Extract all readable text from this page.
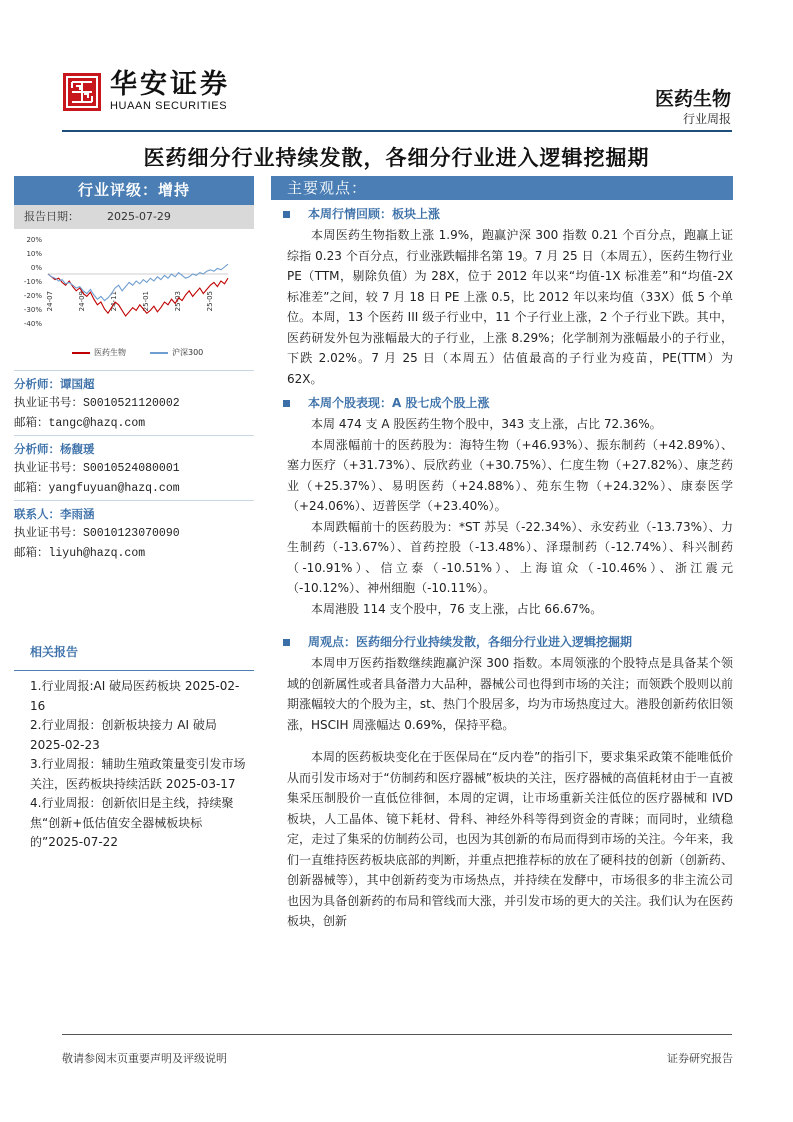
华安证券
HUAAN SECURITIES	医药生物
行业周报
医药细分行业持续发散，各细分行业进入逻辑挖掘期
行业评级：增持
报告日期：	2025-07-29
20%
10%
0%
-10%
-20%
-30%
-40%
24-07	24-09	24-11	25-01	25-03	25-05
医药生物	沪深300
分析师：谭国超
执业证书号：S0010521120002
邮箱：tangc@hazq.com
分析师：杨馥瑗
执业证书号：S0010524080001
邮箱：yangfuyuan@hazq.com
联系人：李雨涵
执业证书号：S0010123070090
邮箱：liyuh@hazq.com
相关报告
1.行业周报:AI 破局医药板块 2025-02-16
2.行业周报：创新板块接力 AI 破局 2025-02-23
3.行业周报：辅助生殖政策量变引发市场关注，医药板块持续活跃 2025-03-17
4.行业周报：创新依旧是主线，持续聚焦“创新+低估值安全器械板块标的”2025-07-22
主要观点：
本周行情回顾：板块上涨

本周医药生物指数上涨 1.9%，跑赢沪深 300 指数 0.21 个百分点，跑赢上证综指 0.23 个百分点，行业涨跌幅排名第 19。7 月 25 日（本周五），医药生物行业 PE（TTM，剔除负值）为 28X，位于 2012 年以来“均值-1X 标准差”和“均值-2X 标准差”之间，较 7 月 18 日 PE 上涨 0.5，比 2012 年以来均值（33X）低 5 个单位。本周，13 个医药 III 级子行业中，11 个子行业上涨，2 个子行业下跌。其中，医药研发外包为涨幅最大的子行业，上涨 8.29%；化学制剂为涨幅最小的子行业，下跌 2.02%。7 月 25 日（本周五）估值最高的子行业为疫苗，PE(TTM）为 62X。

本周个股表现：A 股七成个股上涨

本周 474 支 A 股医药生物个股中，343 支上涨，占比 72.36%。

本周涨幅前十的医药股为：海特生物（+46.93%）、振东制药（+42.89%）、塞力医疗（+31.73%）、辰欣药业（+30.75%）、仁度生物（+27.82%）、康芝药业（+25.37%）、易明医药（+24.88%）、苑东生物（+24.32%）、康泰医学（+24.06%）、迈普医学（+23.40%）。

本周跌幅前十的医药股为：*ST 苏吴（-22.34%）、永安药业（-13.73%）、力生制药（-13.67%）、首药控股（-13.48%）、泽璟制药（-12.74%）、科兴制药（-10.91%）、信立泰（-10.51%）、上海谊众（-10.46%）、浙江震元（-10.12%）、神州细胞（-10.11%）。

本周港股 114 支个股中，76 支上涨，占比 66.67%。

周观点：医药细分行业持续发散，各细分行业进入逻辑挖掘期

本周申万医药指数继续跑赢沪深 300 指数。本周领涨的个股特点是具备某个领域的创新属性或者具备潜力大品种，器械公司也得到市场的关注；而领跌个股则以前期涨幅较大的个股为主，st、热门个股居多，均为市场热度过大。港股创新药依旧领涨，HSCIH 周涨幅达 0.69%，保持平稳。

本周的医药板块变化在于医保局在“反内卷”的指引下，要求集采政策不能唯低价从而引发市场对于“仿制药和医疗器械”板块的关注，医疗器械的高值耗材由于一直被集采压制股价一直低位徘徊，本周的定调，让市场重新关注低位的医疗器械和 IVD 板块，人工晶体、镜下耗材、骨科、神经外科等得到资金的青睐；而同时，业绩稳定，走过了集采的仿制药公司，也因为其创新的布局而得到市场的关注。今年来，我们一直维持医药板块底部的判断，并重点把推荐标的放在了硬科技的创新（创新药、创新器械等），其中创新药变为市场热点，并持续在发酵中，市场很多的非主流公司也因为具备创新药的布局和管线而大涨，并引发市场的更大的关注。我们认为在医药板块，创新

敬请参阅末页重要声明及评级说明	证券研究报告
